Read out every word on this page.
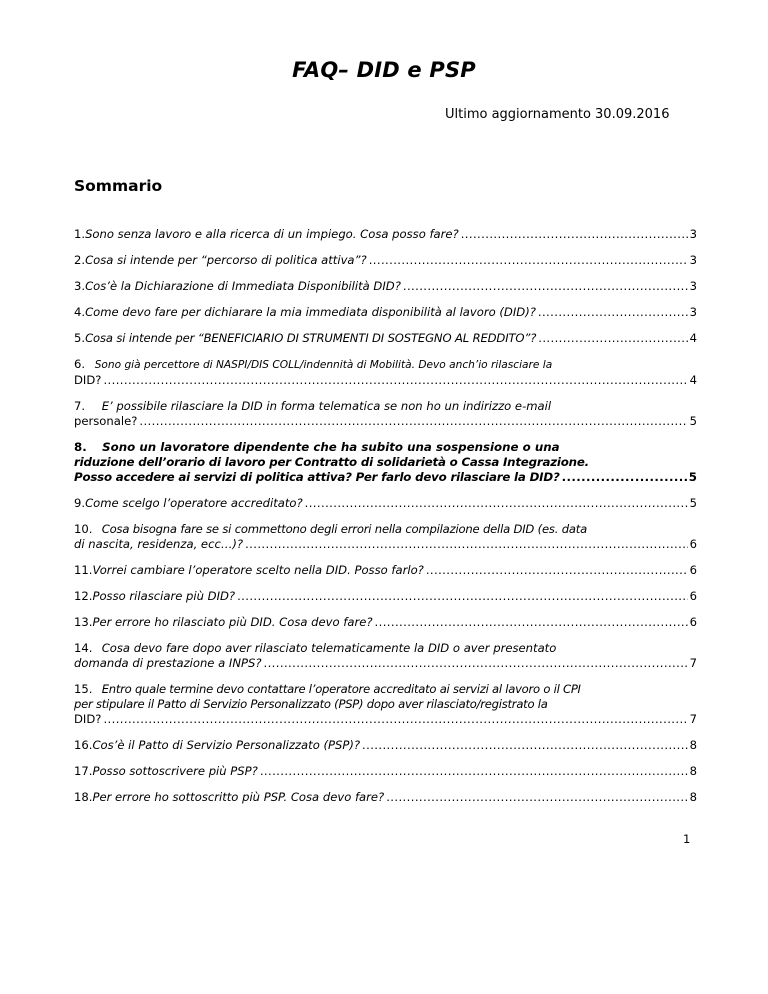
FAQ– DID e PSP
Ultimo aggiornamento 30.09.2016
Sommario
1. Sono senza lavoro e alla ricerca di un impiego. Cosa posso fare? .....	3
2. Cosa si intende per “percorso di politica attiva”? .....	3
3. Cos’è la Dichiarazione di Immediata Disponibilità DID? .....	3
4. Come devo fare per dichiarare la mia immediata disponibilità al lavoro (DID)? .....	3
5. Cosa si intende per “BENEFICIARIO DI STRUMENTI DI SOSTEGNO AL REDDITO”? .....	4
6. Sono già percettore di NASPI/DIS COLL/indennità di Mobilità. Devo anch’io rilasciare la
DID? .....	4
7. E’ possibile rilasciare la DID in forma telematica se non ho un indirizzo e-mail
personale? .....	5
8. Sono un lavoratore dipendente che ha subito una sospensione o una
riduzione dell’orario di lavoro per Contratto di solidarietà o Cassa Integrazione.
Posso accedere ai servizi di politica attiva? Per farlo devo rilasciare la DID? .....	5
9. Come scelgo l’operatore accreditato? .....	5
10. Cosa bisogna fare se si commettono degli errori nella compilazione della DID (es. data
di nascita, residenza, ecc…)? .....	6
11. Vorrei cambiare l’operatore scelto nella DID. Posso farlo? .....	6
12. Posso rilasciare più DID? .....	6
13. Per errore ho rilasciato più DID. Cosa devo fare? .....	6
14. Cosa devo fare dopo aver rilasciato telematicamente la DID o aver presentato
domanda di prestazione a INPS? .....	7
15. Entro quale termine devo contattare l’operatore accreditato ai servizi al lavoro o il CPI
per stipulare il Patto di Servizio Personalizzato (PSP) dopo aver rilasciato/registrato la
DID? .....	7
16. Cos’è il Patto di Servizio Personalizzato (PSP)? .....	8
17. Posso sottoscrivere più PSP? .....	8
18. Per errore ho sottoscritto più PSP. Cosa devo fare? .....	8
1
